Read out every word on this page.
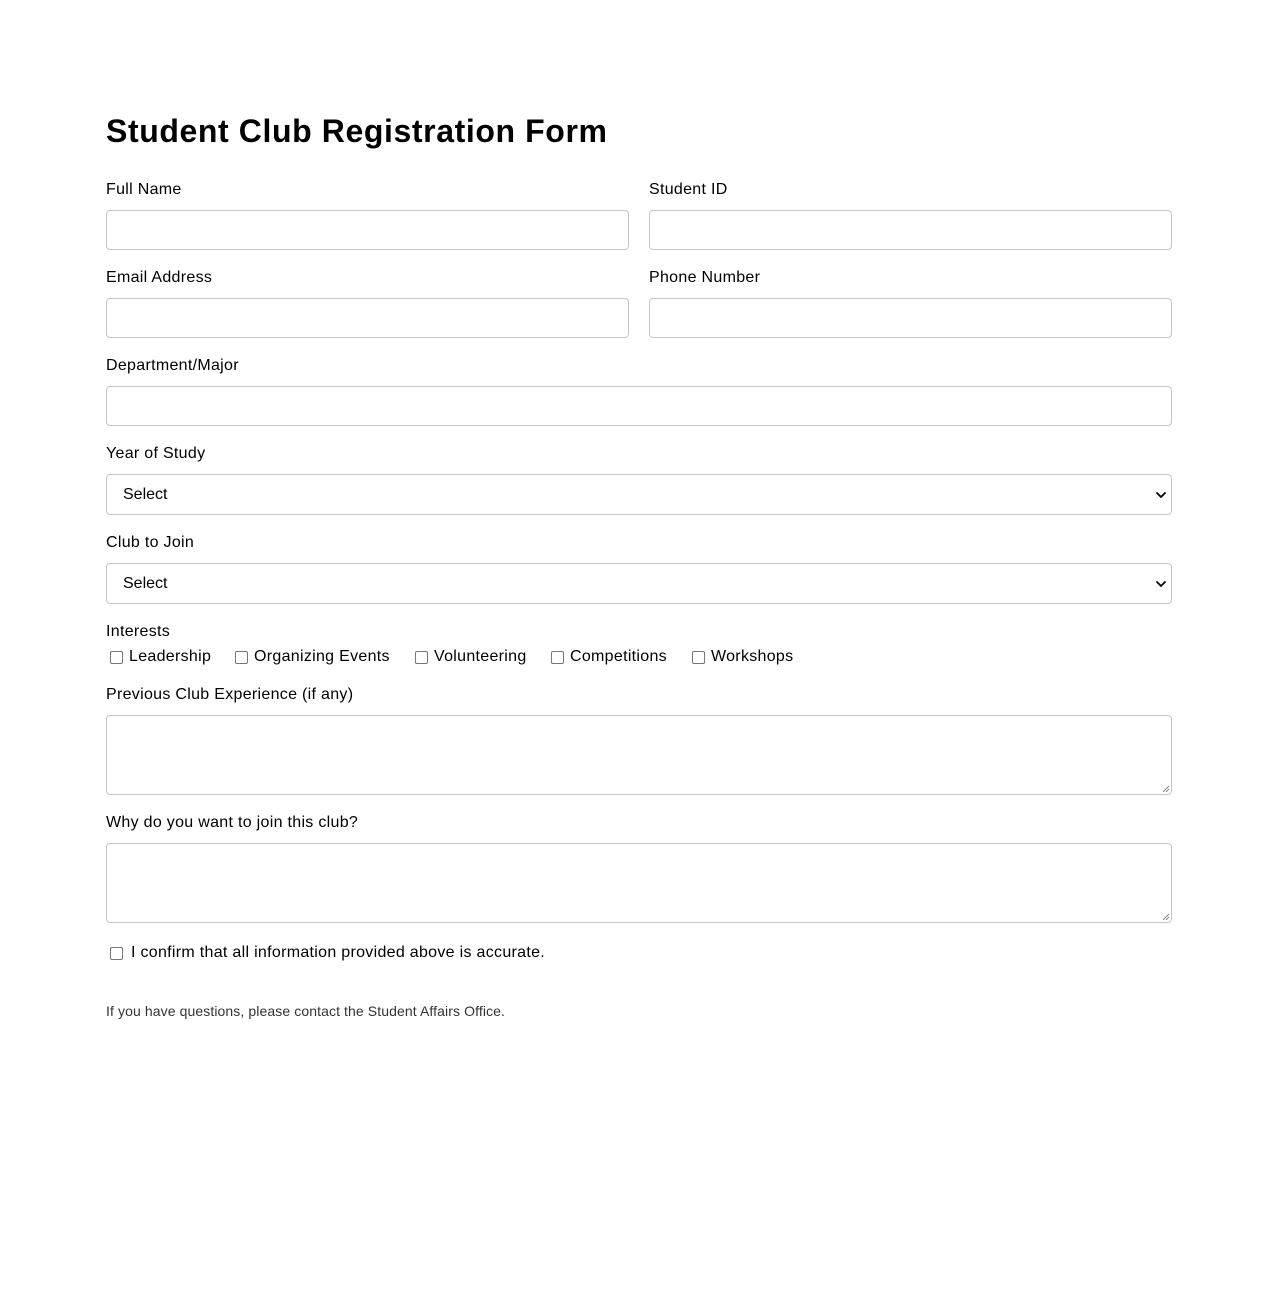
Student Club Registration Form
Full Name	Student ID
Email Address	Phone Number
Department/Major
Year of Study
Select
Club to Join
Select
Interests
Leadership	Organizing Events	Volunteering	Competitions	Workshops
Previous Club Experience (if any)
Why do you want to join this club?
I confirm that all information provided above is accurate.
If you have questions, please contact the Student Affairs Office.
